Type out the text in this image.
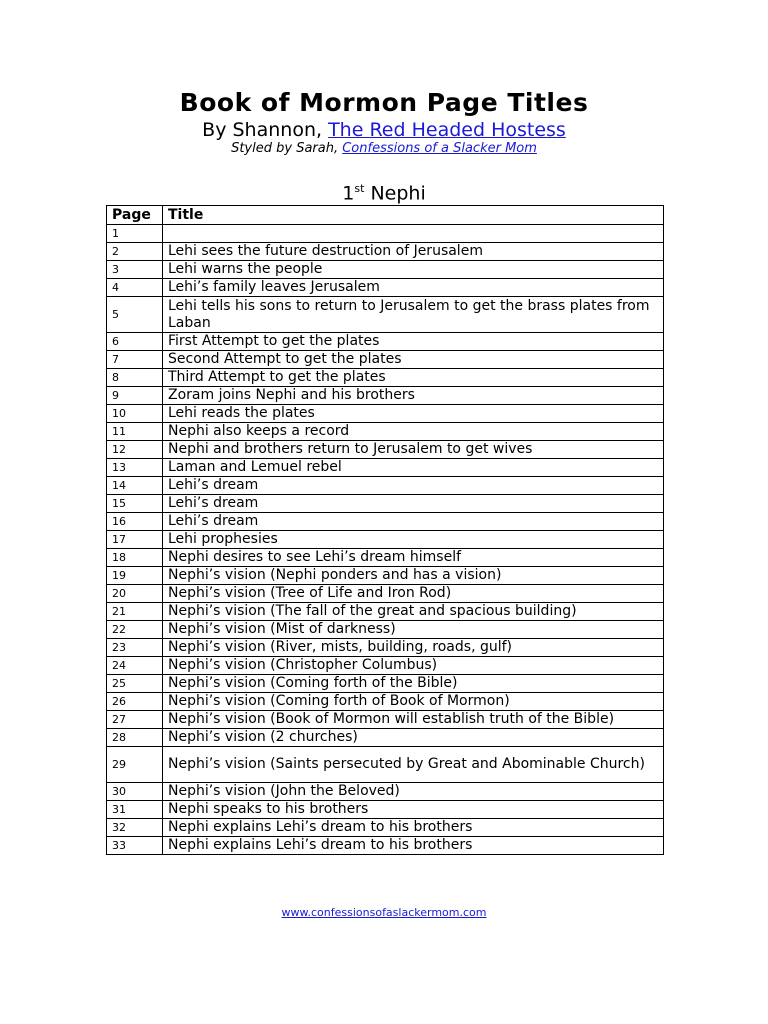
Book of Mormon Page Titles
By Shannon, The Red Headed Hostess
Styled by Sarah, Confessions of a Slacker Mom
1st Nephi
Page	Title
1	
2	Lehi sees the future destruction of Jerusalem
3	Lehi warns the people
4	Lehi’s family leaves Jerusalem
5	Lehi tells his sons to return to Jerusalem to get the brass plates from Laban
6	First Attempt to get the plates
7	Second Attempt to get the plates
8	Third Attempt to get the plates
9	Zoram joins Nephi and his brothers
10	Lehi reads the plates
11	Nephi also keeps a record
12	Nephi and brothers return to Jerusalem to get wives
13	Laman and Lemuel rebel
14	Lehi’s dream
15	Lehi’s dream
16	Lehi’s dream
17	Lehi prophesies
18	Nephi desires to see Lehi’s dream himself
19	Nephi’s vision (Nephi ponders and has a vision)
20	Nephi’s vision (Tree of Life and Iron Rod)
21	Nephi’s vision (The fall of the great and spacious building)
22	Nephi’s vision (Mist of darkness)
23	Nephi’s vision (River, mists, building, roads, gulf)
24	Nephi’s vision (Christopher Columbus)
25	Nephi’s vision (Coming forth of the Bible)
26	Nephi’s vision (Coming forth of Book of Mormon)
27	Nephi’s vision (Book of Mormon will establish truth of the Bible)
28	Nephi’s vision (2 churches)
29	Nephi’s vision (Saints persecuted by Great and Abominable Church)
30	Nephi’s vision (John the Beloved)
31	Nephi speaks to his brothers
32	Nephi explains Lehi’s dream to his brothers
33	Nephi explains Lehi’s dream to his brothers
www.confessionsofaslackermom.com
